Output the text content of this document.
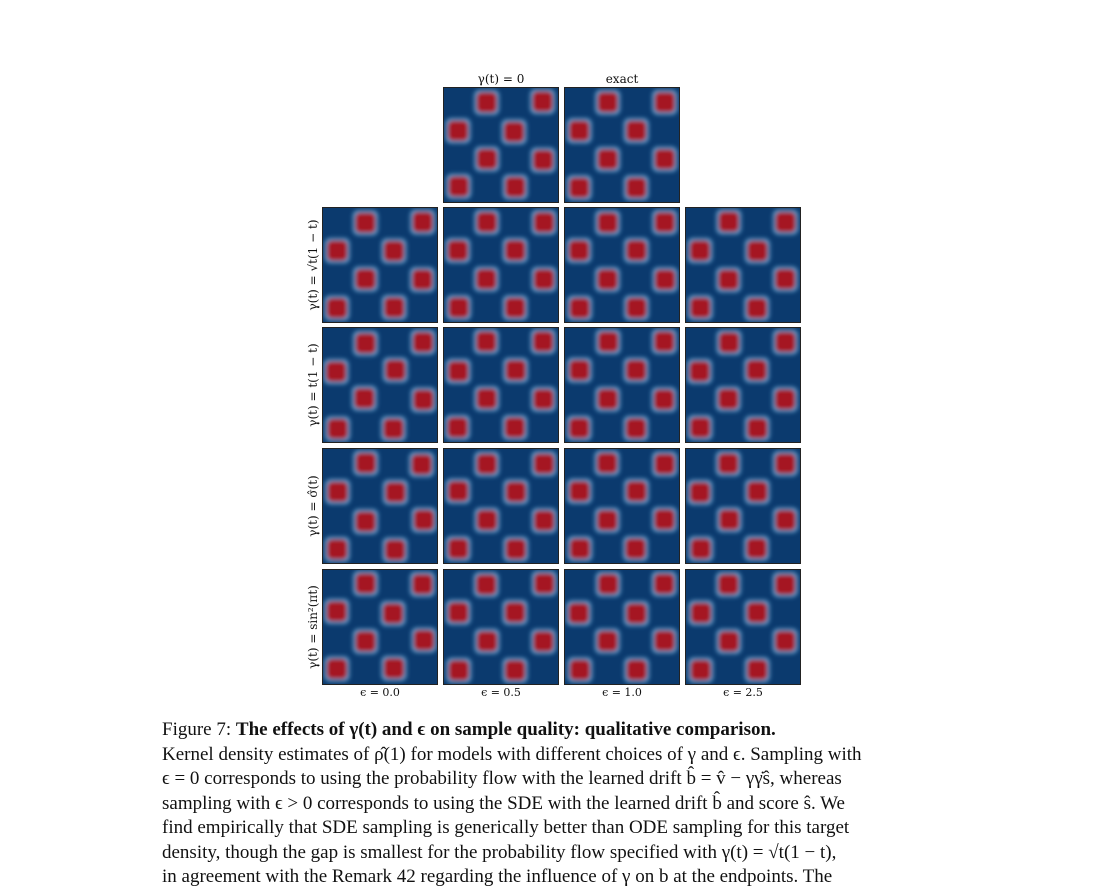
γ(t) = 0	exact
γ(t) = √t(1 − t)
γ(t) = t(1 − t)
γ(t) = σ̂(t)
γ(t) = sin²(πt)
ϵ = 0.0	ϵ = 0.5	ϵ = 1.0	ϵ = 2.5
Figure 7: The effects of γ(t) and ϵ on sample quality: qualitative comparison.
Kernel density estimates of ρ̂(1) for models with different choices of γ and ϵ. Sampling with
ϵ = 0 corresponds to using the probability flow with the learned drift b̂ = v̂ − γγ̇ŝ, whereas
sampling with ϵ > 0 corresponds to using the SDE with the learned drift b̂ and score ŝ. We
find empirically that SDE sampling is generically better than ODE sampling for this target
density, though the gap is smallest for the probability flow specified with γ(t) = √t(1 − t),
in agreement with the Remark 42 regarding the influence of γ on b at the endpoints. The
